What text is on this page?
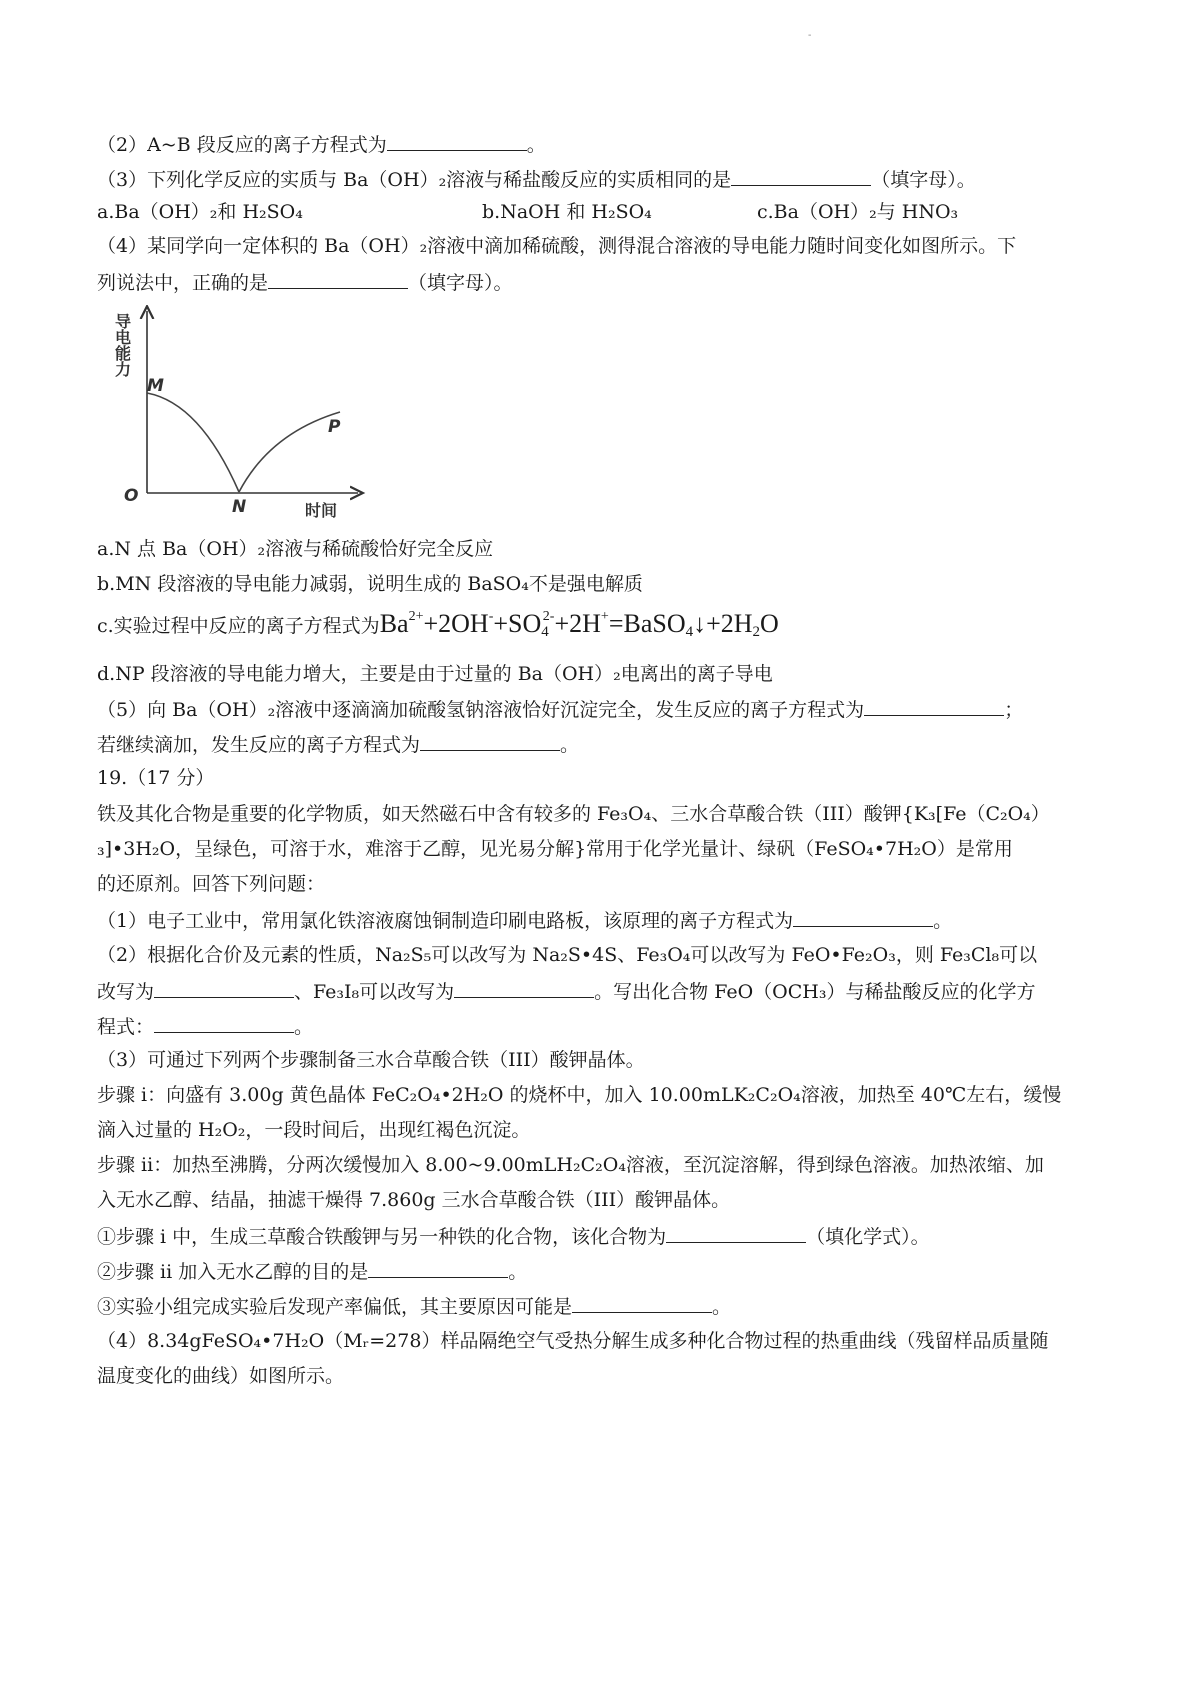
-
（2）A~B 段反应的离子方程式为	。
（3）下列化学反应的实质与 Ba（OH）₂溶液与稀盐酸反应的实质相同的是	（填字母）。
a.Ba（OH）₂和 H₂SO₄	b.NaOH 和 H₂SO₄	c.Ba（OH）₂与 HNO₃
（4）某同学向一定体积的 Ba（OH）₂溶液中滴加稀硫酸，测得混合溶液的导电能力随时间变化如图所示。下
列说法中，正确的是	（填字母）。
导电能力
M
N
P
O
时间
a.N 点 Ba（OH）₂溶液与稀硫酸恰好完全反应
b.MN 段溶液的导电能力减弱，说明生成的 BaSO₄不是强电解质
c.实验过程中反应的离子方程式为$Ba^{2+}+2OH^-+SO_4^{2-}+2H^+=BaSO_4↓+2H_2O$
d.NP 段溶液的导电能力增大，主要是由于过量的 Ba（OH）₂电离出的离子导电
（5）向 Ba（OH）₂溶液中逐滴滴加硫酸氢钠溶液恰好沉淀完全，发生反应的离子方程式为	；
若继续滴加，发生反应的离子方程式为	。
19.（17 分）
铁及其化合物是重要的化学物质，如天然磁石中含有较多的 Fe₃O₄、三水合草酸合铁（III）酸钾{K₃[Fe（C₂O₄）
₃]•3H₂O，呈绿色，可溶于水，难溶于乙醇，见光易分解}常用于化学光量计、绿矾（FeSO₄•7H₂O）是常用
的还原剂。回答下列问题：
（1）电子工业中，常用氯化铁溶液腐蚀铜制造印刷电路板，该原理的离子方程式为	。
（2）根据化合价及元素的性质，Na₂S₅可以改写为 Na₂S•4S、Fe₃O₄可以改写为 FeO•Fe₂O₃，则 Fe₃Cl₈可以
改写为	、Fe₃I₈可以改写为	。写出化合物 FeO（OCH₃）与稀盐酸反应的化学方
程式：	。
（3）可通过下列两个步骤制备三水合草酸合铁（III）酸钾晶体。
步骤 i：向盛有 3.00g 黄色晶体 FeC₂O₄•2H₂O 的烧杯中，加入 10.00mLK₂C₂O₄溶液，加热至 40℃左右，缓慢
滴入过量的 H₂O₂，一段时间后，出现红褐色沉淀。
步骤 ii：加热至沸腾，分两次缓慢加入 8.00~9.00mLH₂C₂O₄溶液，至沉淀溶解，得到绿色溶液。加热浓缩、加
入无水乙醇、结晶，抽滤干燥得 7.860g 三水合草酸合铁（III）酸钾晶体。
①步骤 i 中，生成三草酸合铁酸钾与另一种铁的化合物，该化合物为	（填化学式）。
②步骤 ii 加入无水乙醇的目的是	。
③实验小组完成实验后发现产率偏低，其主要原因可能是	。
（4）8.34gFeSO₄•7H₂O（Mᵣ=278）样品隔绝空气受热分解生成多种化合物过程的热重曲线（残留样品质量随
温度变化的曲线）如图所示。
